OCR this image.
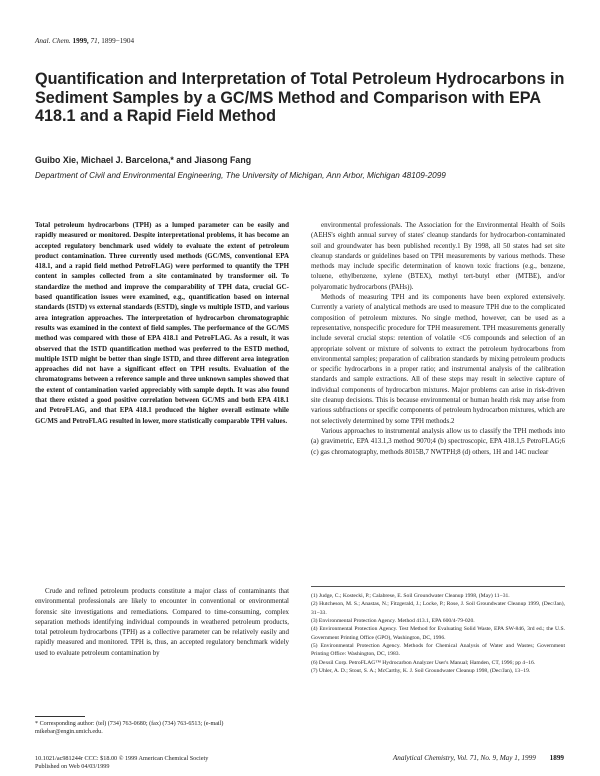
Anal. Chem. 1999, 71, 1899−1904
Quantification and Interpretation of Total Petroleum Hydrocarbons in Sediment Samples by a GC/MS Method and Comparison with EPA 418.1 and a Rapid Field Method
Guibo Xie, Michael J. Barcelona,* and Jiasong Fang
Department of Civil and Environmental Engineering, The University of Michigan, Ann Arbor, Michigan 48109-2099

Total petroleum hydrocarbons (TPH) as a lumped parameter can be easily and rapidly measured or monitored. Despite interpretational problems, it has become an accepted regulatory benchmark used widely to evaluate the extent of petroleum product contamination. Three currently used methods (GC/MS, conventional EPA 418.1, and a rapid field method PetroFLAG) were performed to quantify the TPH content in samples collected from a site contaminated by transformer oil. To standardize the method and improve the comparability of TPH data, crucial GC-based quantification issues were examined, e.g., quantification based on internal standards (ISTD) vs external standards (ESTD), single vs multiple ISTD, and various area integration approaches. The interpretation of hydrocarbon chromatographic results was examined in the context of field samples. The performance of the GC/MS method was compared with those of EPA 418.1 and PetroFLAG. As a result, it was observed that the ISTD quantification method was preferred to the ESTD method, multiple ISTD might be better than single ISTD, and three different area integration approaches did not have a significant effect on TPH results. Evaluation of the chromatograms between a reference sample and three unknown samples showed that the extent of contamination varied appreciably with sample depth. It was also found that there existed a good positive correlation between GC/MS and both EPA 418.1 and PetroFLAG, and that EPA 418.1 produced the higher overall estimate while GC/MS and PetroFLAG resulted in lower, more statistically comparable TPH values.

Crude and refined petroleum products constitute a major class of contaminants that environmental professionals are likely to encounter in conventional or environmental forensic site investigations and remediations. Compared to time-consuming, complex separation methods identifying individual compounds in weathered petroleum products, total petroleum hydrocarbons (TPH) as a collective parameter can be relatively easily and rapidly measured and monitored. TPH is, thus, an accepted regulatory benchmark widely used to evaluate petroleum contamination by

* Corresponding author: (tel) (734) 763-0680; (fax) (734) 763-6513; (e-mail) mikebar@engin.umich.edu.

environmental professionals. The Association for the Environmental Health of Soils (AEHS's eighth annual survey of states' cleanup standards for hydrocarbon-contaminated soil and groundwater has been published recently.1 By 1998, all 50 states had set site cleanup standards or guidelines based on TPH measurements by various methods. These methods may include specific determination of known toxic fractions (e.g., benzene, toluene, ethylbenzene, xylene (BTEX), methyl tert-butyl ether (MTBE), and/or polyaromatic hydrocarbons (PAHs)).

Methods of measuring TPH and its components have been explored extensively. Currently a variety of analytical methods are used to measure TPH due to the complicated composition of petroleum mixtures. No single method, however, can be used as a representative, nonspecific procedure for TPH measurement. TPH measurements generally include several crucial steps: retention of volatile <C6 compounds and selection of an appropriate solvent or mixture of solvents to extract the petroleum hydrocarbons from environmental samples; preparation of calibration standards by mixing petroleum products or specific hydrocarbons in a proper ratio; and instrumental analysis of the calibration standards and sample extractions. All of these steps may result in selective capture of individual components of hydrocarbon mixtures. Major problems can arise in risk-driven site cleanup decisions. This is because environmental or human health risk may arise from various subfractions or specific components of petroleum hydrocarbon mixtures, which are not selectively determined by some TPH methods.2

Various approaches to instrumental analysis allow us to classify the TPH methods into (a) gravimetric, EPA 413.1,3 method 9070;4 (b) spectroscopic, EPA 418.1,5 PetroFLAG;6 (c) gas chromatography, methods 8015B,7 NWTPH;8 (d) others, 1H and 14C nuclear

(1) Judge, C.; Kostecki, P.; Calabrese, E. Soil Groundwater Cleanup 1998, (May) 11−31.

(2) Hutcheson, M. S.; Anastas, N.; Fitzgerald, J.; Locke, P.; Rose, J. Soil Groundwater Cleanup 1999, (Dec/Jan), 31−33.

(3) Environmental Protection Agency. Method 413.1, EPA 600/4-79-020.

(4) Environmental Protection Agency. Test Method for Evaluating Solid Waste, EPA SW-846, 3rd ed.; the U.S. Government Printing Office (GPO), Washington, DC, 1996.

(5) Environmental Protection Agency. Methods for Chemical Analysis of Water and Wastes; Government Printing Office: Washington, DC, 1983.

(6) Dexsil Corp. PetroFLAG™ Hydrocarbon Analyzer User's Manual; Hamden, CT, 1996; pp 4−16.

(7) Uhler, A. D.; Stout, S. A.; McCarthy, K. J. Soil Groundwater Cleanup 1998, (Dec/Jan), 13−19.

10.1021/ac981244r CCC: $18.00 © 1999 American Chemical Society

Published on Web 04/03/1999

Analytical Chemistry, Vol. 71, No. 9, May 1, 1999 1899
